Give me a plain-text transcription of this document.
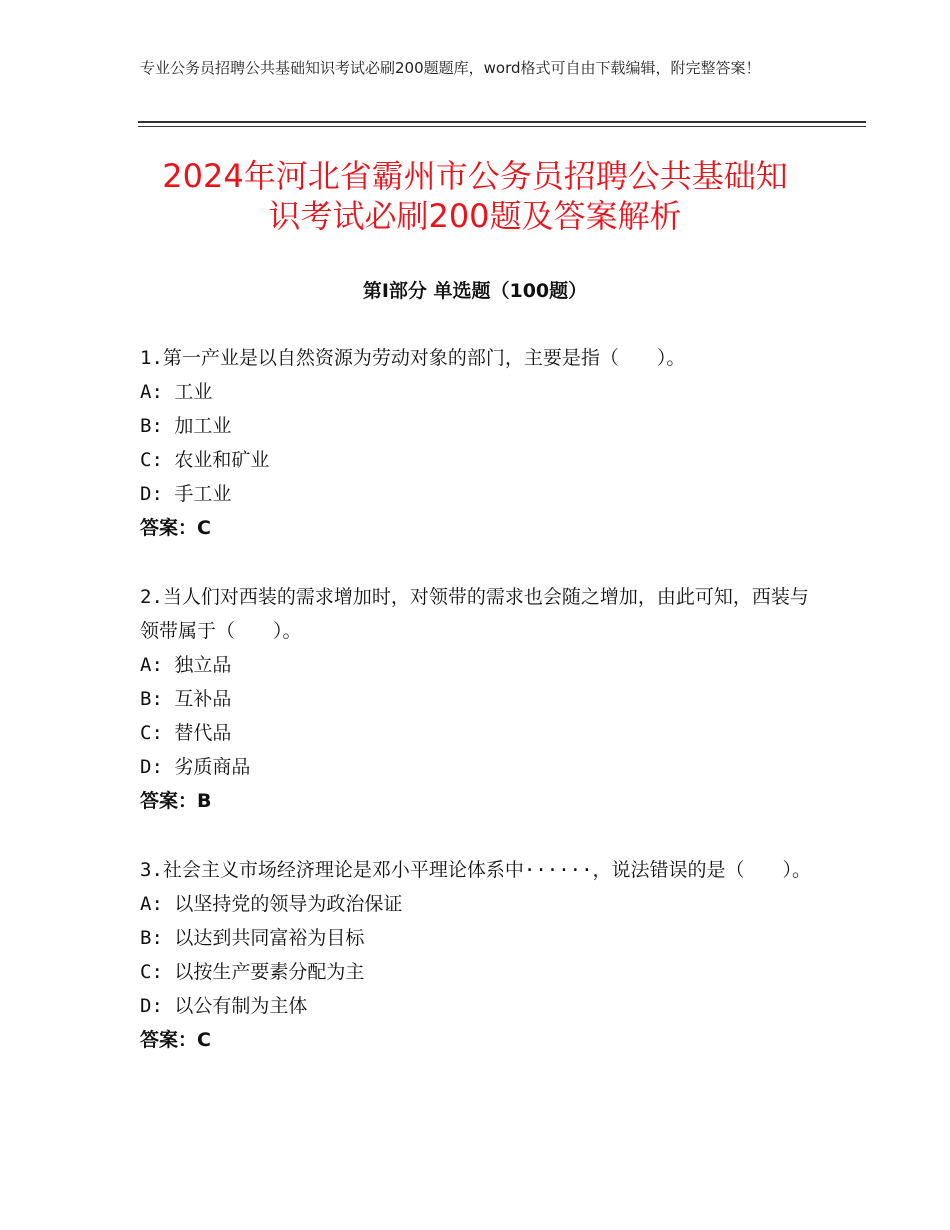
专业公务员招聘公共基础知识考试必刷200题题库，word格式可自由下载编辑，附完整答案！
2024年河北省霸州市公务员招聘公共基础知
识考试必刷200题及答案解析
第Ⅰ部分 单选题（100题）

1.第一产业是以自然资源为劳动对象的部门，主要是指（　　）。

A: 工业

B: 加工业

C: 农业和矿业

D: 手工业

答案：C

2.当人们对西装的需求增加时，对领带的需求也会随之增加，由此可知，西装与领带属于（　　）。

A: 独立品

B: 互补品

C: 替代品

D: 劣质商品

答案：B

3.社会主义市场经济理论是邓小平理论体系中······，说法错误的是（　　）。

A: 以坚持党的领导为政治保证

B: 以达到共同富裕为目标

C: 以按生产要素分配为主

D: 以公有制为主体

答案：C
